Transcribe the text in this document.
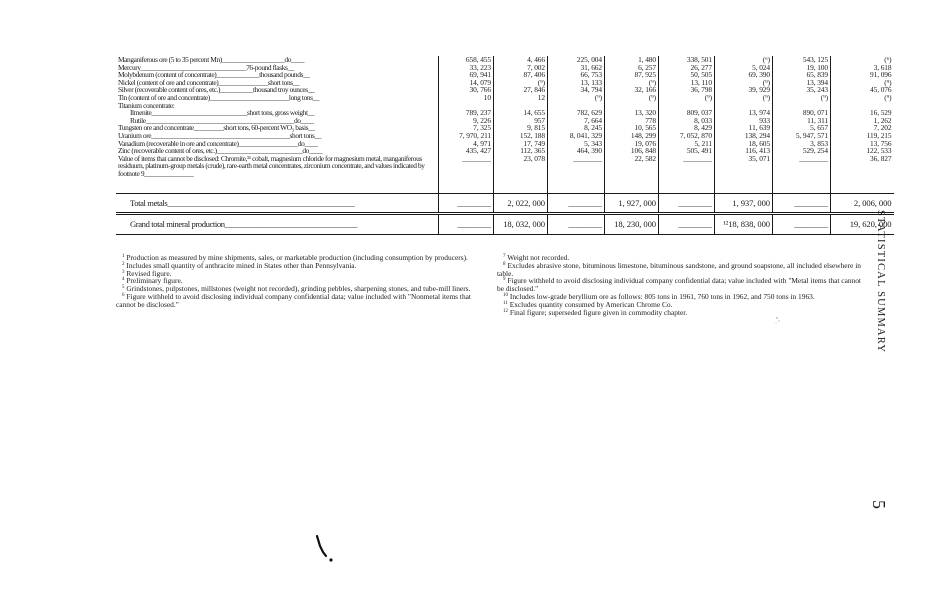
Manganiferous ore (5 to 35 percent Mn)___________________do____	658, 455	4, 466	225, 004	1, 480	338, 501	(⁶)	543, 125	(⁶)
Mercury________________________________76-pound flasks__	33, 223	7, 002	31, 662	6, 257	26, 277	5, 024	19, 100	3, 618
Molybdenum (content of concentrate)_____________thousand pounds__	69, 941	87, 406	66, 753	87, 925	50, 505	69, 390	65, 839	91, 096
Nickel (content of ore and concentrate)_______________short tons__	14, 079	(⁹)	13, 133	(⁹)	13, 110	(⁹)	13, 394	(⁹)
Silver (recoverable content of ores, etc.)__________thousand troy ounces__	30, 766	27, 846	34, 794	32, 166	36, 798	39, 929	35, 243	45, 076
Tin (content of ore and concentrate)________________________long tons__	10	12	(⁹)	(⁹)	(⁹)	(⁹)	(⁹)	(⁹)
Titanium concentrate:								
Ilmenite_____________________________short tons, gross weight__	789, 237	14, 655	782, 629	13, 320	809, 037	13, 974	890, 071	16, 529
Rutile_____________________________________________do____	9, 226	957	7, 664	778	8, 033	933	11, 311	1, 262
Tungsten ore and concentrate_________short tons, 60-percent WO₃ basis__	7, 325	9, 815	8, 245	10, 565	8, 429	11, 639	5, 657	7, 202
Uranium ore__________________________________________short tons__	7, 970, 211	152, 188	8, 041, 329	148, 299	7, 052, 870	138, 294	5, 947, 571	119, 215
Vanadium (recoverable in ore and concentrate)__________________do____	4, 971	17, 749	5, 343	19, 076	5, 211	18, 605	3, 853	13, 756
Zinc (recoverable content of ores, etc.)__________________________do____	435, 427	112, 365	464, 390	106, 848	505, 491	116, 413	529, 254	122, 533
Value of items that cannot be disclosed: Chromite,¹¹ cobalt, magnesium chloride for magnesium metal, manganiferous residuum, platinum-group metals (crude), rare-earth metal concentrates, zirconium concentrate, and values indicated by footnote 9_______________	________	23, 078	________	22, 582	________	35, 071	________	36, 827
Total metals________________________________________________	________	2, 022, 000	________	1, 927, 000	________	1, 937, 000	________	2, 006, 000
Grand total mineral production__________________________________	________	18, 032, 000	________	18, 230, 000	________	¹²18, 838, 000	________	19, 620, 000

$^1$ Production as measured by mine shipments, sales, or marketable production (including consumption by producers).

$^2$ Includes small quantity of anthracite mined in States other than Pennsylvania.

$^3$ Revised figure.

$^4$ Preliminary figure.

$^5$ Grindstones, pulpstones, millstones (weight not recorded), grinding pebbles, sharpening stones, and tube-mill liners.

$^6$ Figure withheld to avoid disclosing individual company confidential data; value included with "Nonmetal items that cannot be disclosed."

$^7$ Weight not recorded.

$^8$ Excludes abrasive stone, bituminous limestone, bituminous sandstone, and ground soapstone, all included elsewhere in table.

$^9$ Figure withheld to avoid disclosing individual company confidential data; value included with "Metal items that cannot be disclosed."

$^{10}$ Includes low-grade beryllium ore as follows: 805 tons in 1961, 760 tons in 1962, and 750 tons in 1963.

$^{11}$ Excludes quantity consumed by American Chrome Co.

$^{12}$ Final figure; superseded figure given in commodity chapter.	STATISTICAL SUMMARY
5
